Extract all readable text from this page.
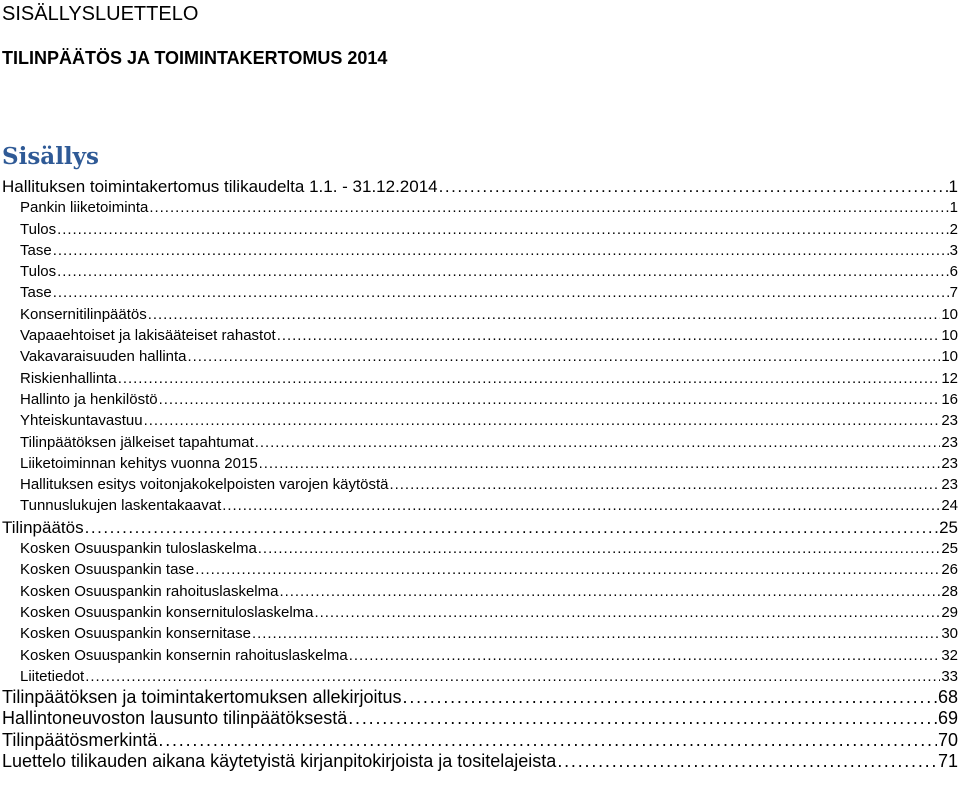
SISÄLLYSLUETTELO
TILINPÄÄTÖS JA TOIMINTAKERTOMUS 2014
Sisällys
Hallituksen toimintakertomus tilikaudelta 1.1. - 31.12.2014 . . .	1
Pankin liiketoiminta . . .	1
Tulos . . .	2
Tase . . .	3
Tulos . . .	6
Tase . . .	7
Konsernitilinpäätös . . .	10
Vapaaehtoiset ja lakisääteiset rahastot . . .	10
Vakavaraisuuden hallinta . . .	10
Riskienhallinta . . .	12
Hallinto ja henkilöstö . . .	16
Yhteiskuntavastuu . . .	23
Tilinpäätöksen jälkeiset tapahtumat . . .	23
Liiketoiminnan kehitys vuonna 2015 . . .	23
Hallituksen esitys voitonjakokelpoisten varojen käytöstä . . .	23
Tunnuslukujen laskentakaavat . . .	24
Tilinpäätös . . .	25
Kosken Osuuspankin tuloslaskelma . . .	25
Kosken Osuuspankin tase . . .	26
Kosken Osuuspankin rahoituslaskelma . . .	28
Kosken Osuuspankin konsernituloslaskelma . . .	29
Kosken Osuuspankin konsernitase . . .	30
Kosken Osuuspankin konsernin rahoituslaskelma . . .	32
Liitetiedot . . .	33
Tilinpäätöksen ja toimintakertomuksen allekirjoitus . . .	68
Hallintoneuvoston lausunto tilinpäätöksestä . . .	69
Tilinpäätösmerkintä . . .	70
Luettelo tilikauden aikana käytetyistä kirjanpitokirjoista ja tositelajeista . . .	71
